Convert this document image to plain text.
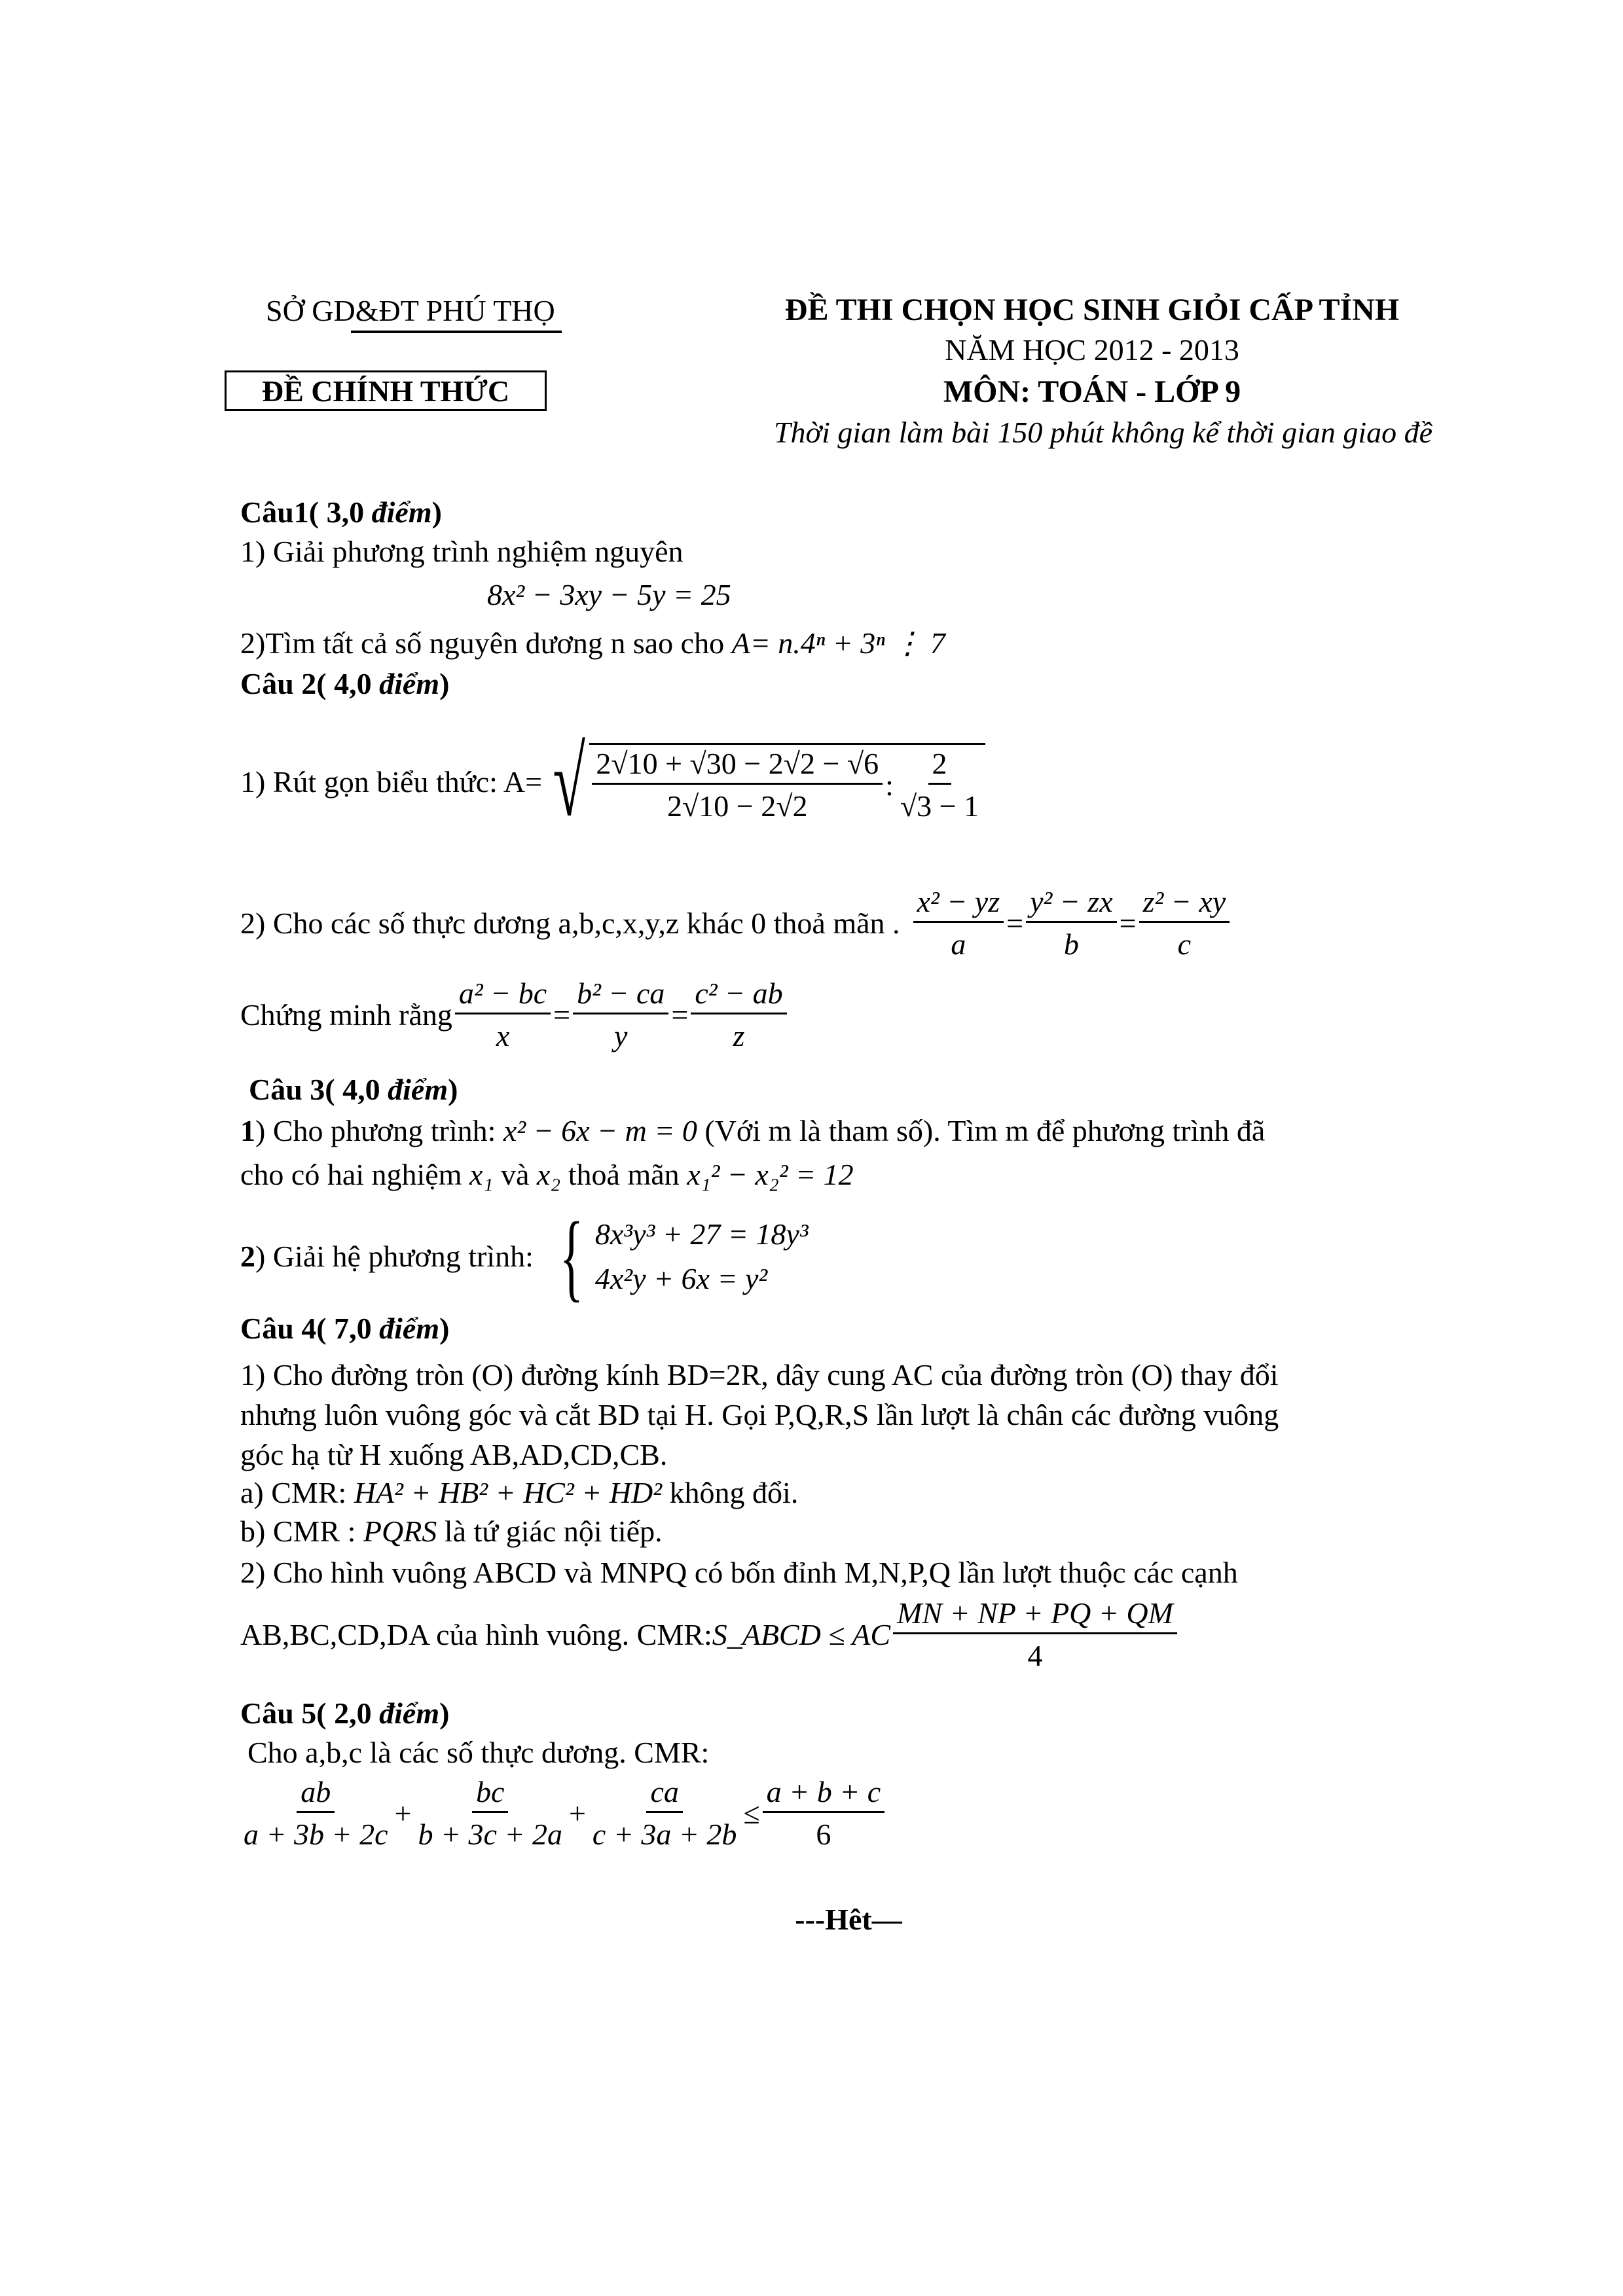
SỞ GD&ĐT PHÚ THỌ
ĐỀ CHÍNH THỨC
ĐỀ THI CHỌN HỌC SINH GIỎI CẤP TỈNH
NĂM HỌC 2012 - 2013
MÔN: TOÁN - LỚP 9
Thời gian làm bài 150 phút không kể thời gian giao đề
Câu1( 3,0 điểm)
1) Giải phương trình nghiệm nguyên
8x² − 3xy − 5y = 25
2)Tìm tất cả số nguyên dương n sao cho A= n.4ⁿ + 3ⁿ ⋮ 7
Câu 2( 4,0 điểm)
1) Rút gọn biểu thức: A= √ $\frac{2√10 + √30 - 2√2 - √6}{2√10 - 2√2}$ : $\frac{2}{√3 - 1}$
2) Cho các số thực dương a,b,c,x,y,z khác 0 thoả mãn . $\frac{\text{x² − yz}}{a} = \frac{\text{y² − zx}}{b} = \frac{\text{z² − xy}}{c}$
Chứng minh rằng $\frac{\text{a² − bc}}{x} = \frac{\text{b² − ca}}{y} = \frac{\text{c² − ab}}{z}$
Câu 3( 4,0 điểm)
1) Cho phương trình: x² − 6x − m = 0 (Với m là tham số). Tìm m để phương trình đã
cho có hai nghiệm x₁ và x₂ thoả mãn x₁² − x₂² = 12
2 ) Giải hệ phương trình: { 8x³y³ + 27 = 18y³
4x²y + 6x = y²
Câu 4( 7,0 điểm)
1) Cho đường tròn (O) đường kính BD=2R, dây cung AC của đường tròn (O) thay đổi
nhưng luôn vuông góc và cắt BD tại H. Gọi P,Q,R,S lần lượt là chân các đường vuông
góc hạ từ H xuống AB,AD,CD,CB.
a) CMR: HA² + HB² + HC² + HD² không đổi.
b) CMR : PQRS là tứ giác nội tiếp.
2) Cho hình vuông ABCD và MNPQ có bốn đỉnh M,N,P,Q lần lượt thuộc các cạnh
AB,BC,CD,DA của hình vuông. CMR: S_ABCD ≤ AC $\frac{MN + NP + PQ + QM}{4}$
Câu 5( 2,0 điểm)
Cho a,b,c là các số thực dương. CMR:
$\frac{ab}{a + 3b + 2c} + \frac{bc}{b + 3c + 2a} + \frac{ca}{c + 3a + 2b} \le \frac{a + b + c}{6}$
---Hêt—
